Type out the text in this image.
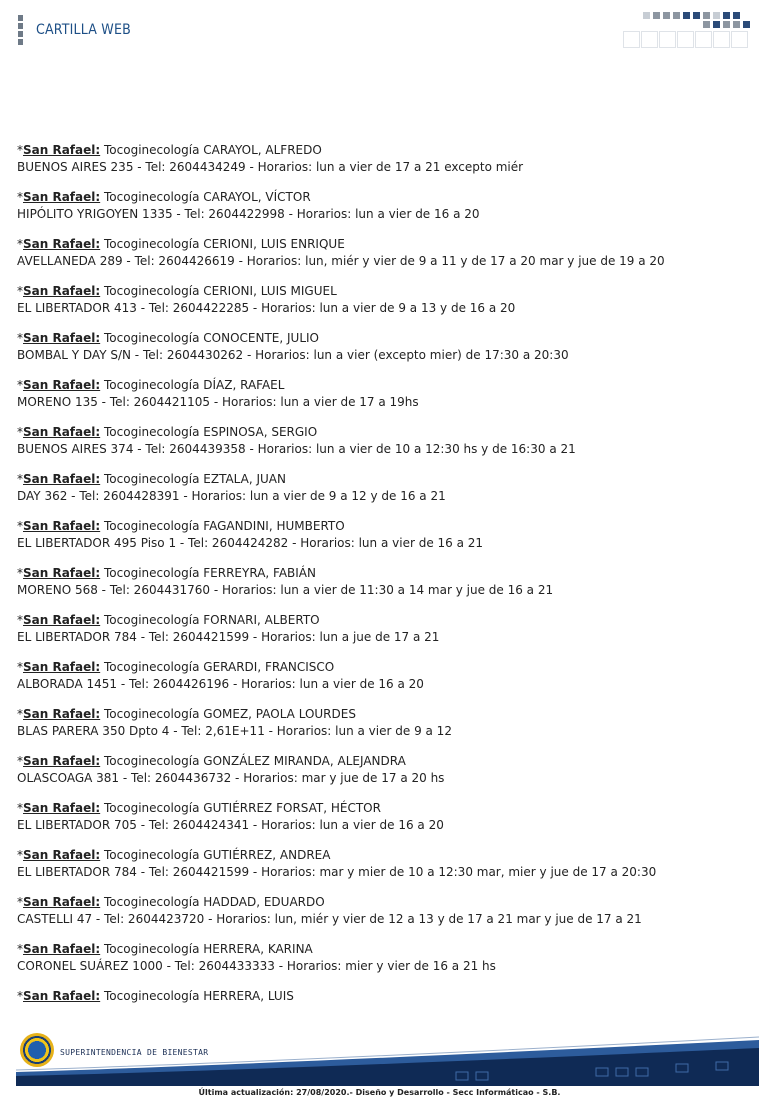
CARTILLA WEB
*San Rafael: Tocoginecología CARAYOL, ALFREDO
BUENOS AIRES 235 - Tel: 2604434249 - Horarios: lun a vier de 17 a 21 excepto miér
*San Rafael: Tocoginecología CARAYOL, VÍCTOR
HIPÓLITO YRIGOYEN 1335 - Tel: 2604422998 - Horarios: lun a vier de 16 a 20
*San Rafael: Tocoginecología CERIONI, LUIS ENRIQUE
AVELLANEDA 289 - Tel: 2604426619 - Horarios: lun, miér y vier de 9 a 11 y de 17 a 20 mar y jue de 19 a 20
*San Rafael: Tocoginecología CERIONI, LUIS MIGUEL
EL LIBERTADOR 413 - Tel: 2604422285 - Horarios: lun a vier de 9 a 13 y de 16 a 20
*San Rafael: Tocoginecología CONOCENTE, JULIO
BOMBAL Y DAY S/N - Tel: 2604430262 - Horarios: lun a vier (excepto mier) de 17:30 a 20:30
*San Rafael: Tocoginecología DÍAZ, RAFAEL
MORENO 135 - Tel: 2604421105 - Horarios: lun a vier de 17 a 19hs
*San Rafael: Tocoginecología ESPINOSA, SERGIO
BUENOS AIRES 374 - Tel: 2604439358 - Horarios: lun a vier de 10 a 12:30 hs y de 16:30 a 21
*San Rafael: Tocoginecología EZTALA, JUAN
DAY 362 - Tel: 2604428391 - Horarios: lun a vier de 9 a 12 y de 16 a 21
*San Rafael: Tocoginecología FAGANDINI, HUMBERTO
EL LIBERTADOR 495 Piso 1 - Tel: 2604424282 - Horarios: lun a vier de 16 a 21
*San Rafael: Tocoginecología FERREYRA, FABIÁN
MORENO 568 - Tel: 2604431760 - Horarios: lun a vier de 11:30 a 14 mar y jue de 16 a 21
*San Rafael: Tocoginecología FORNARI, ALBERTO
EL LIBERTADOR 784 - Tel: 2604421599 - Horarios: lun a jue de 17 a 21
*San Rafael: Tocoginecología GERARDI, FRANCISCO
ALBORADA 1451 - Tel: 2604426196 - Horarios: lun a vier de 16 a 20
*San Rafael: Tocoginecología GOMEZ, PAOLA LOURDES
BLAS PARERA 350 Dpto 4 - Tel: 2,61E+11 - Horarios: lun a vier de 9 a 12
*San Rafael: Tocoginecología GONZÁLEZ MIRANDA, ALEJANDRA
OLASCOAGA 381 - Tel: 2604436732 - Horarios: mar y jue de 17 a 20 hs
*San Rafael: Tocoginecología GUTIÉRREZ FORSAT, HÉCTOR
EL LIBERTADOR 705 - Tel: 2604424341 - Horarios: lun a vier de 16 a 20
*San Rafael: Tocoginecología GUTIÉRREZ, ANDREA
EL LIBERTADOR 784 - Tel: 2604421599 - Horarios: mar y mier de 10 a 12:30 mar, mier y jue de 17 a 20:30
*San Rafael: Tocoginecología HADDAD, EDUARDO
CASTELLI 47 - Tel: 2604423720 - Horarios: lun, miér y vier de 12 a 13 y de 17 a 21 mar y jue de 17 a 21
*San Rafael: Tocoginecología HERRERA, KARINA
CORONEL SUÁREZ 1000 - Tel: 2604433333 - Horarios: mier y vier de 16 a 21 hs
*San Rafael: Tocoginecología HERRERA, LUIS
SUPERINTENDENCIA DE BIENESTAR
Última actualización: 27/08/2020.- Diseño y Desarrollo - Secc Informáticao - S.B.
